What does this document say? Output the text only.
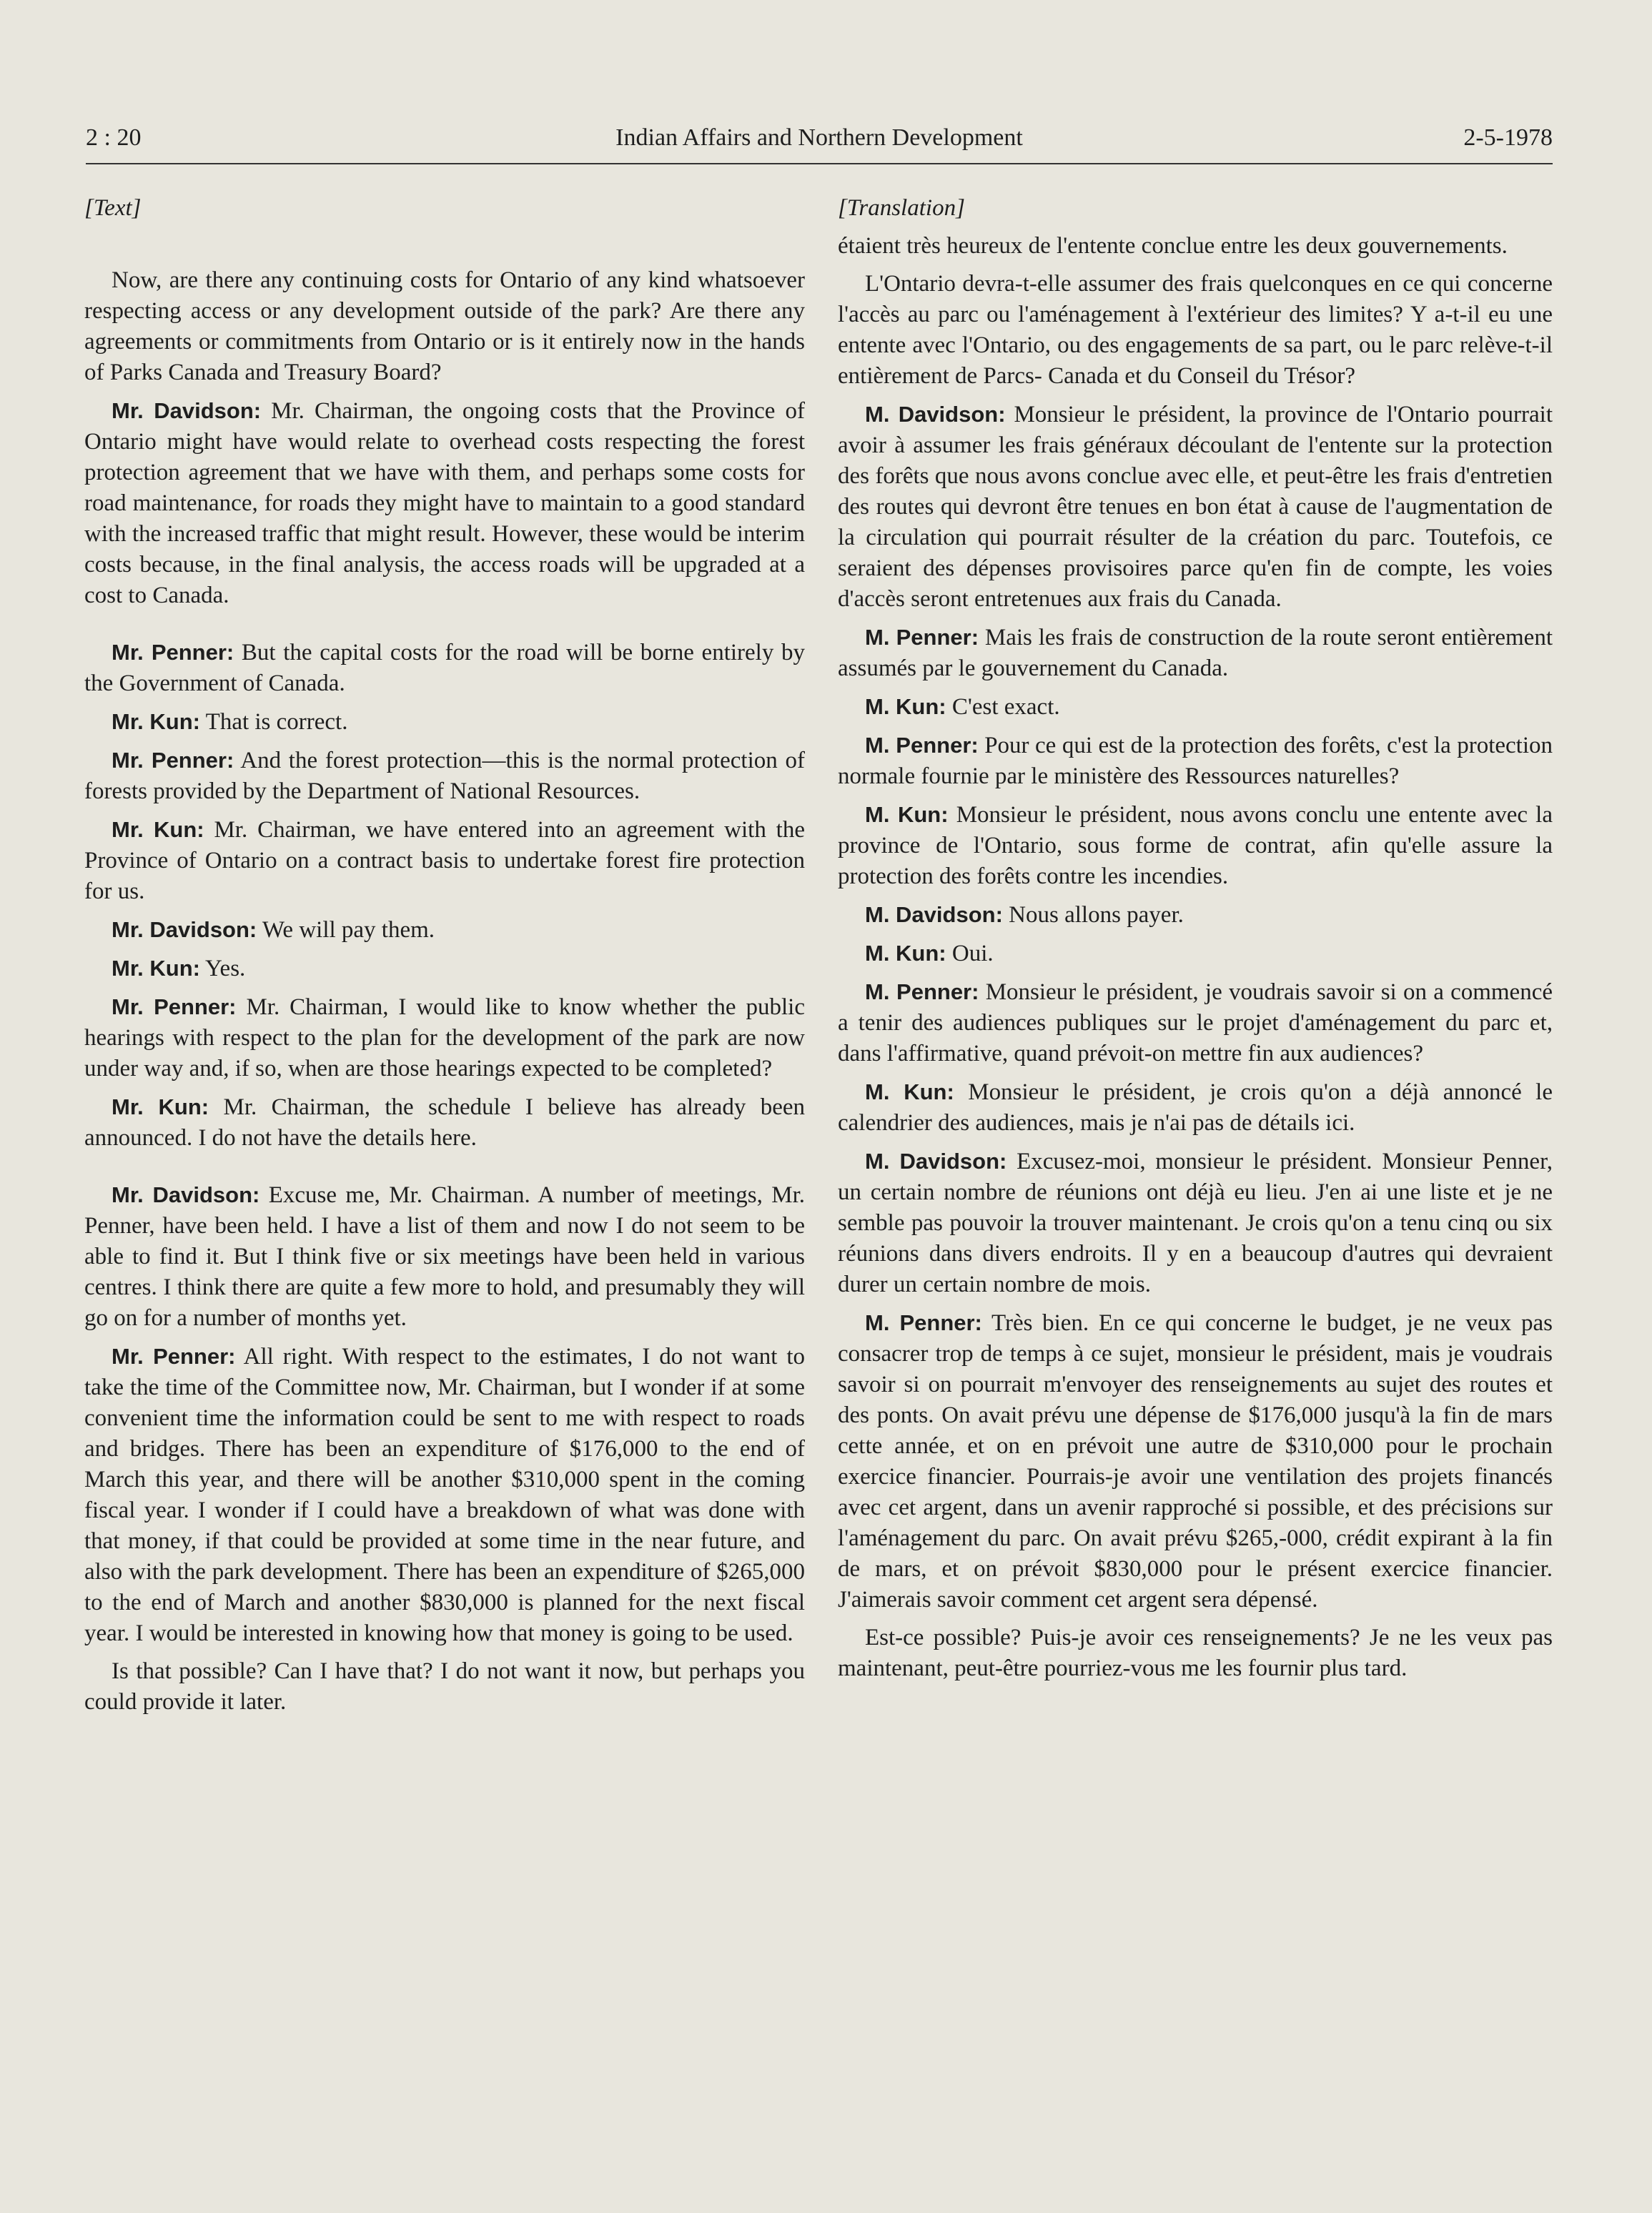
2 : 20	Indian Affairs and Northern Development	2-5-1978

[Text]

Now, are there any continuing costs for Ontario of any kind whatsoever respecting access or any development outside of the park? Are there any agreements or commitments from Ontario or is it entirely now in the hands of Parks Canada and Treasury Board?

Mr. Davidson: Mr. Chairman, the ongoing costs that the Province of Ontario might have would relate to overhead costs respecting the forest protection agreement that we have with them, and perhaps some costs for road maintenance, for roads they might have to maintain to a good standard with the increased traffic that might result. However, these would be interim costs because, in the final analysis, the access roads will be upgraded at a cost to Canada.

Mr. Penner: But the capital costs for the road will be borne entirely by the Government of Canada.

Mr. Kun: That is correct.

Mr. Penner: And the forest protection—this is the normal protection of forests provided by the Department of National Resources.

Mr. Kun: Mr. Chairman, we have entered into an agreement with the Province of Ontario on a contract basis to undertake forest fire protection for us.

Mr. Davidson: We will pay them.

Mr. Kun: Yes.

Mr. Penner: Mr. Chairman, I would like to know whether the public hearings with respect to the plan for the development of the park are now under way and, if so, when are those hearings expected to be completed?

Mr. Kun: Mr. Chairman, the schedule I believe has already been announced. I do not have the details here.

Mr. Davidson: Excuse me, Mr. Chairman. A number of meetings, Mr. Penner, have been held. I have a list of them and now I do not seem to be able to find it. But I think five or six meetings have been held in various centres. I think there are quite a few more to hold, and presumably they will go on for a number of months yet.

Mr. Penner: All right. With respect to the estimates, I do not want to take the time of the Committee now, Mr. Chairman, but I wonder if at some convenient time the information could be sent to me with respect to roads and bridges. There has been an expenditure of $176,000 to the end of March this year, and there will be another $310,000 spent in the coming fiscal year. I wonder if I could have a breakdown of what was done with that money, if that could be provided at some time in the near future, and also with the park development. There has been an expenditure of $265,000 to the end of March and another $830,000 is planned for the next fiscal year. I would be interested in knowing how that money is going to be used.

Is that possible? Can I have that? I do not want it now, but perhaps you could provide it later.

[Translation]

étaient très heureux de l'entente conclue entre les deux gouvernements.

L'Ontario devra-t-elle assumer des frais quelconques en ce qui concerne l'accès au parc ou l'aménagement à l'extérieur des limites? Y a-t-il eu une entente avec l'Ontario, ou des engagements de sa part, ou le parc relève-t-il entièrement de Parcs- Canada et du Conseil du Trésor?

M. Davidson: Monsieur le président, la province de l'Ontario pourrait avoir à assumer les frais généraux découlant de l'entente sur la protection des forêts que nous avons conclue avec elle, et peut-être les frais d'entretien des routes qui devront être tenues en bon état à cause de l'augmentation de la circulation qui pourrait résulter de la création du parc. Toutefois, ce seraient des dépenses provisoires parce qu'en fin de compte, les voies d'accès seront entretenues aux frais du Canada.

M. Penner: Mais les frais de construction de la route seront entièrement assumés par le gouvernement du Canada.

M. Kun: C'est exact.

M. Penner: Pour ce qui est de la protection des forêts, c'est la protection normale fournie par le ministère des Ressources naturelles?

M. Kun: Monsieur le président, nous avons conclu une entente avec la province de l'Ontario, sous forme de contrat, afin qu'elle assure la protection des forêts contre les incendies.

M. Davidson: Nous allons payer.

M. Kun: Oui.

M. Penner: Monsieur le président, je voudrais savoir si on a commencé a tenir des audiences publiques sur le projet d'aménagement du parc et, dans l'affirmative, quand prévoit-on mettre fin aux audiences?

M. Kun: Monsieur le président, je crois qu'on a déjà annoncé le calendrier des audiences, mais je n'ai pas de détails ici.

M. Davidson: Excusez-moi, monsieur le président. Monsieur Penner, un certain nombre de réunions ont déjà eu lieu. J'en ai une liste et je ne semble pas pouvoir la trouver maintenant. Je crois qu'on a tenu cinq ou six réunions dans divers endroits. Il y en a beaucoup d'autres qui devraient durer un certain nombre de mois.

M. Penner: Très bien. En ce qui concerne le budget, je ne veux pas consacrer trop de temps à ce sujet, monsieur le président, mais je voudrais savoir si on pourrait m'envoyer des renseignements au sujet des routes et des ponts. On avait prévu une dépense de $176,000 jusqu'à la fin de mars cette année, et on en prévoit une autre de $310,000 pour le prochain exercice financier. Pourrais-je avoir une ventilation des projets financés avec cet argent, dans un avenir rapproché si possible, et des précisions sur l'aménagement du parc. On avait prévu $265,-000, crédit expirant à la fin de mars, et on prévoit $830,000 pour le présent exercice financier. J'aimerais savoir comment cet argent sera dépensé.

Est-ce possible? Puis-je avoir ces renseignements? Je ne les veux pas maintenant, peut-être pourriez-vous me les fournir plus tard.
